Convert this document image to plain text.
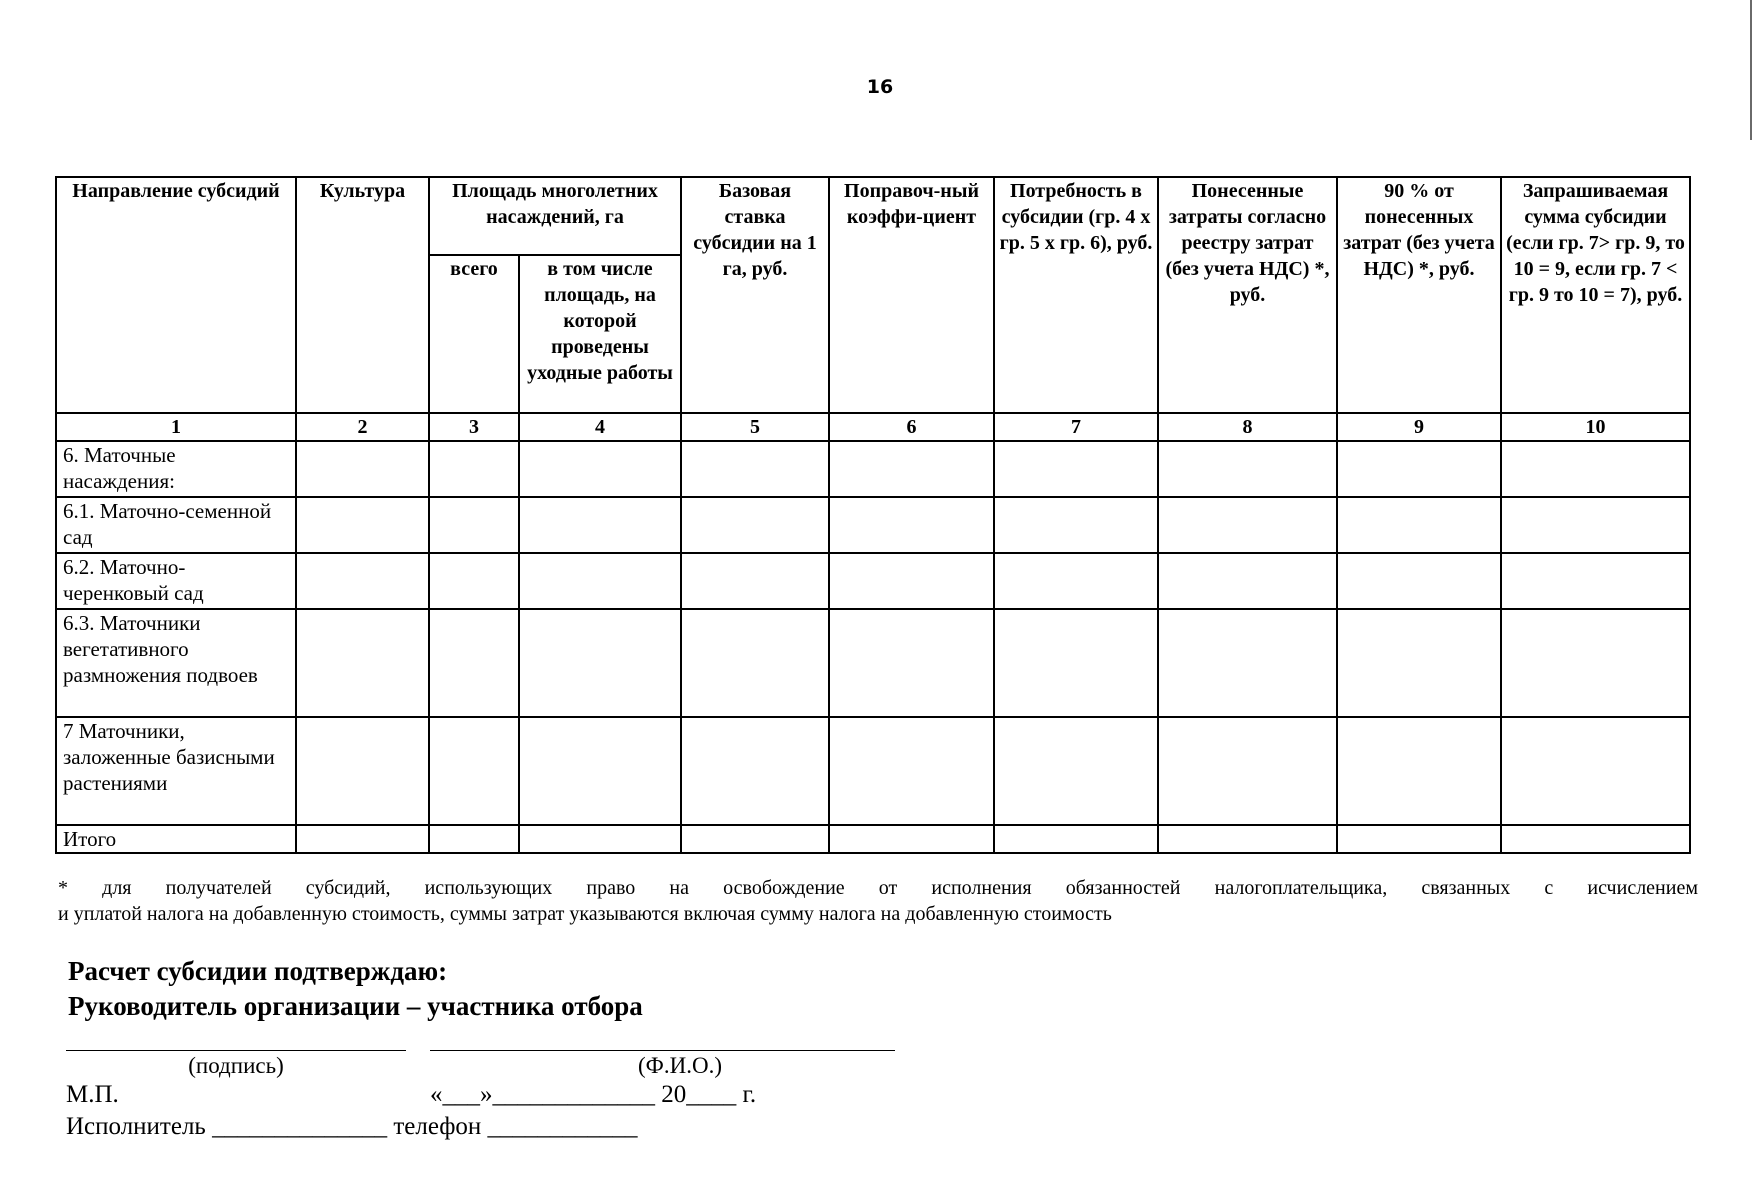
16
Направление субсидий	Культура	Площадь многолетних насаждений, га		Базовая ставка субсидии на 1 га, руб.	Поправоч-ный коэффи-циент	Потребность в субсидии (гр. 4 х гр. 5 х гр. 6), руб.	Понесенные затраты согласно реестру затрат (без учета НДС) *, руб.	90 % от понесенных затрат (без учета НДС) *, руб.	Запрашиваемая сумма субсидии (если гр. 7> гр. 9, то 10 = 9, если гр. 7 < гр. 9 то 10 = 7), руб.
		всего	в том числе площадь, на которой проведены уходные работы						
1	2	3	4	5	6	7	8	9	10
6. Маточные насаждения:									
6.1. Маточно-семенной сад									
6.2. Маточно-черенковый сад									
6.3. Маточники вегетативного размножения подвоев									
7 Маточники, заложенные базисными растениями									
Итого									
* для получателей субсидий, использующих право на освобождение от исполнения обязанностей налогоплательщика, связанных с исчислением
и уплатой налога на добавленную стоимость, суммы затрат указываются включая сумму налога на добавленную стоимость
Расчет субсидии подтверждаю:
Руководитель организации – участника отбора
(подпись)	(Ф.И.О.)
М.П.	«___»_____________ 20____ г.
Исполнитель ______________ телефон ____________
